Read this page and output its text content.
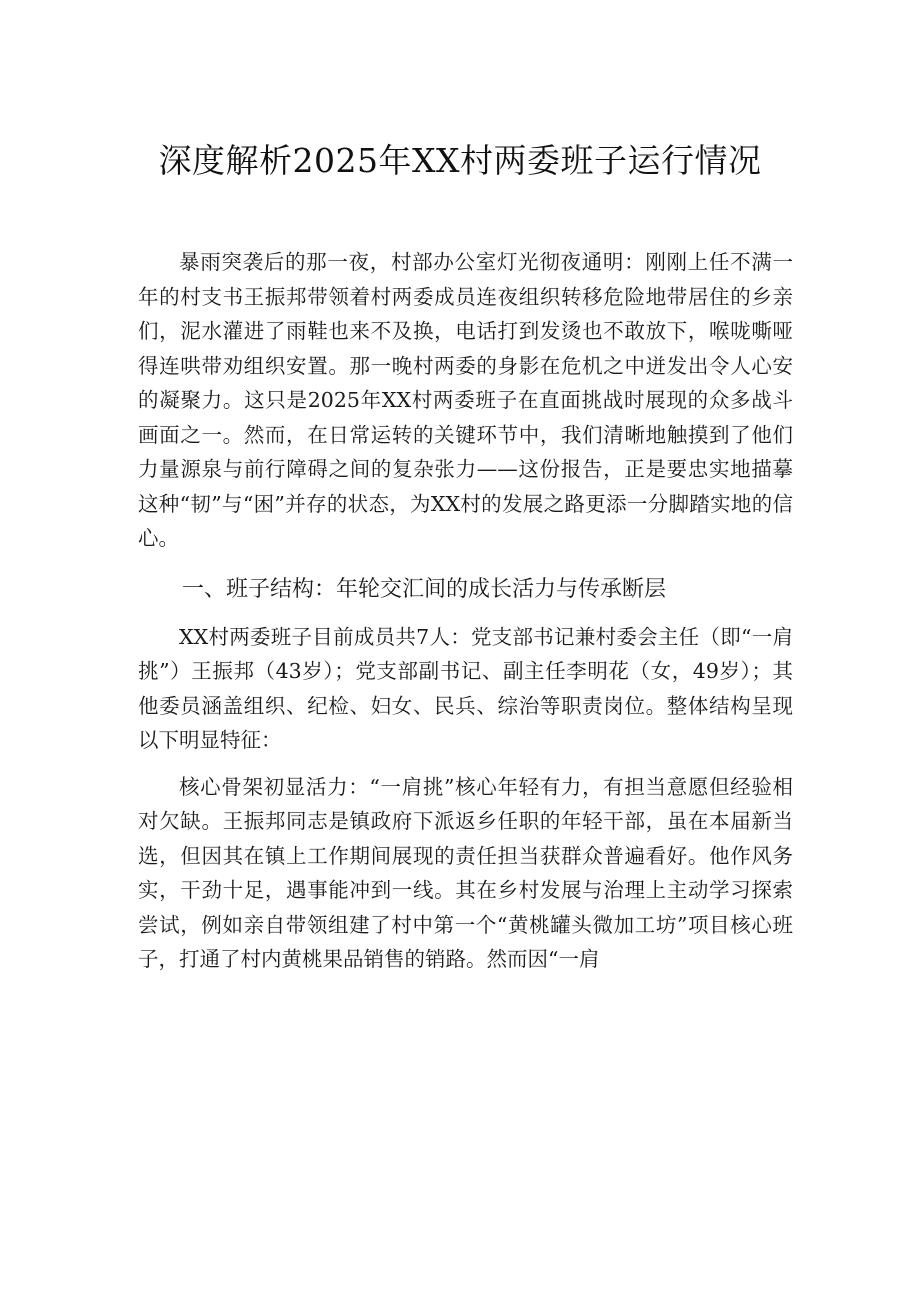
深度解析2025年XX村两委班子运行情况

暴雨突袭后的那一夜，村部办公室灯光彻夜通明：刚刚上任不满一年的村支书王振邦带领着村两委成员连夜组织转移危险地带居住的乡亲们，泥水灌进了雨鞋也来不及换，电话打到发烫也不敢放下，喉咙嘶哑得连哄带劝组织安置。那一晚村两委的身影在危机之中迸发出令人心安的凝聚力。这只是2025年XX村两委班子在直面挑战时展现的众多战斗画面之一。然而，在日常运转的关键环节中，我们清晰地触摸到了他们力量源泉与前行障碍之间的复杂张力——这份报告，正是要忠实地描摹这种“韧”与“困”并存的状态，为XX村的发展之路更添一分脚踏实地的信心。

一、班子结构：年轮交汇间的成长活力与传承断层

XX村两委班子目前成员共7人：党支部书记兼村委会主任（即“一肩挑”）王振邦（43岁）；党支部副书记、副主任李明花（女，49岁）；其他委员涵盖组织、纪检、妇女、民兵、综治等职责岗位。整体结构呈现以下明显特征：

核心骨架初显活力：“一肩挑”核心年轻有力，有担当意愿但经验相对欠缺。王振邦同志是镇政府下派返乡任职的年轻干部，虽在本届新当选，但因其在镇上工作期间展现的责任担当获群众普遍看好。他作风务实，干劲十足，遇事能冲到一线。其在乡村发展与治理上主动学习探索尝试，例如亲自带领组建了村中第一个“黄桃罐头微加工坊”项目核心班子，打通了村内黄桃果品销售的销路。然而因“一肩
